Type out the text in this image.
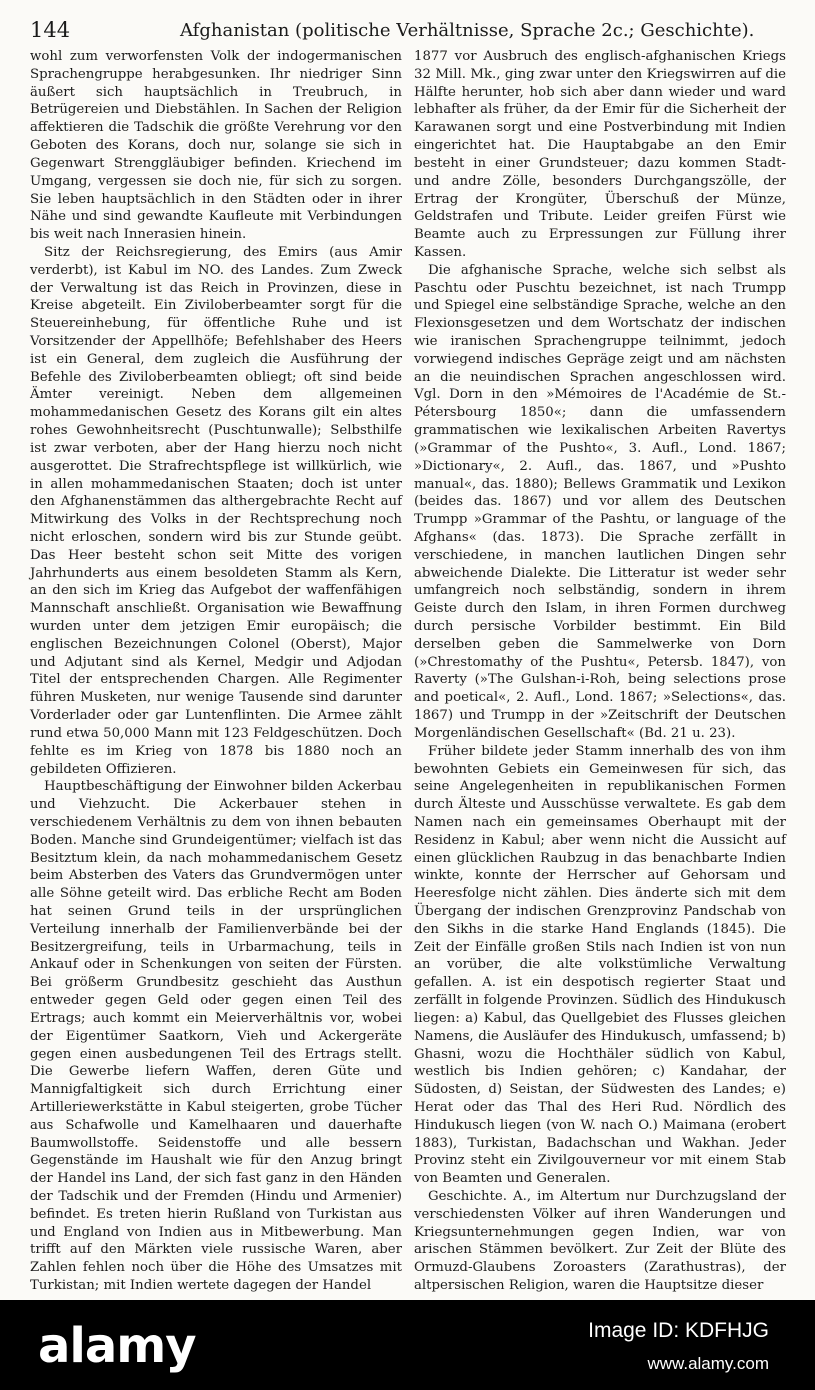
144	Afghanistan (politische Verhältnisse, Sprache 2c.; Geschichte).

wohl zum verworfensten Volk der indogermanischen Sprachengruppe herabgesunken. Ihr niedriger Sinn äußert sich hauptsächlich in Treubruch, in Betrügereien und Diebstählen. In Sachen der Religion affektieren die Tadschik die größte Verehrung vor den Geboten des Korans, doch nur, solange sie sich in Gegenwart Strenggläubiger befinden. Kriechend im Umgang, vergessen sie doch nie, für sich zu sorgen. Sie leben hauptsächlich in den Städten oder in ihrer Nähe und sind gewandte Kaufleute mit Verbindungen bis weit nach Innerasien hinein.

Sitz der Reichsregierung, des Emirs (aus Amir verderbt), ist Kabul im NO. des Landes. Zum Zweck der Verwaltung ist das Reich in Provinzen, diese in Kreise abgeteilt. Ein Ziviloberbeamter sorgt für die Steuereinhebung, für öffentliche Ruhe und ist Vorsitzender der Appellhöfe; Befehlshaber des Heers ist ein General, dem zugleich die Ausführung der Befehle des Ziviloberbeamten obliegt; oft sind beide Ämter vereinigt. Neben dem allgemeinen mohammedanischen Gesetz des Korans gilt ein altes rohes Gewohnheitsrecht (Puschtunwalle); Selbsthilfe ist zwar verboten, aber der Hang hierzu noch nicht ausgerottet. Die Strafrechtspflege ist willkürlich, wie in allen mohammedanischen Staaten; doch ist unter den Afghanenstämmen das althergebrachte Recht auf Mitwirkung des Volks in der Rechtsprechung noch nicht erloschen, sondern wird bis zur Stunde geübt. Das Heer besteht schon seit Mitte des vorigen Jahrhunderts aus einem besoldeten Stamm als Kern, an den sich im Krieg das Aufgebot der waffenfähigen Mannschaft anschließt. Organisation wie Bewaffnung wurden unter dem jetzigen Emir europäisch; die englischen Bezeichnungen Colonel (Oberst), Major und Adjutant sind als Kernel, Medgir und Adjodan Titel der entsprechenden Chargen. Alle Regimenter führen Musketen, nur wenige Tausende sind darunter Vorderlader oder gar Luntenflinten. Die Armee zählt rund etwa 50,000 Mann mit 123 Feldgeschützen. Doch fehlte es im Krieg von 1878 bis 1880 noch an gebildeten Offizieren.

Hauptbeschäftigung der Einwohner bilden Ackerbau und Viehzucht. Die Ackerbauer stehen in verschiedenem Verhältnis zu dem von ihnen bebauten Boden. Manche sind Grundeigentümer; vielfach ist das Besitztum klein, da nach mohammedanischem Gesetz beim Absterben des Vaters das Grundvermögen unter alle Söhne geteilt wird. Das erbliche Recht am Boden hat seinen Grund teils in der ursprünglichen Verteilung innerhalb der Familienverbände bei der Besitzergreifung, teils in Urbarmachung, teils in Ankauf oder in Schenkungen von seiten der Fürsten. Bei größerm Grundbesitz geschieht das Austhun entweder gegen Geld oder gegen einen Teil des Ertrags; auch kommt ein Meierverhältnis vor, wobei der Eigentümer Saatkorn, Vieh und Ackergeräte gegen einen ausbedungenen Teil des Ertrags stellt. Die Gewerbe liefern Waffen, deren Güte und Mannigfaltigkeit sich durch Errichtung einer Artilleriewerkstätte in Kabul steigerten, grobe Tücher aus Schafwolle und Kamelhaaren und dauerhafte Baumwollstoffe. Seidenstoffe und alle bessern Gegenstände im Haushalt wie für den Anzug bringt der Handel ins Land, der sich fast ganz in den Händen der Tadschik und der Fremden (Hindu und Armenier) befindet. Es treten hierin Rußland von Turkistan aus und England von Indien aus in Mitbewerbung. Man trifft auf den Märkten viele russische Waren, aber Zahlen fehlen noch über die Höhe des Umsatzes mit Turkistan; mit Indien wertete dagegen der Handel

1877 vor Ausbruch des englisch-afghanischen Kriegs 32 Mill. Mk., ging zwar unter den Kriegswirren auf die Hälfte herunter, hob sich aber dann wieder und ward lebhafter als früher, da der Emir für die Sicherheit der Karawanen sorgt und eine Postverbindung mit Indien eingerichtet hat. Die Hauptabgabe an den Emir besteht in einer Grundsteuer; dazu kommen Stadt- und andre Zölle, besonders Durchgangszölle, der Ertrag der Krongüter, Überschuß der Münze, Geldstrafen und Tribute. Leider greifen Fürst wie Beamte auch zu Erpressungen zur Füllung ihrer Kassen.

Die afghanische Sprache, welche sich selbst als Paschtu oder Puschtu bezeichnet, ist nach Trumpp und Spiegel eine selbständige Sprache, welche an den Flexionsgesetzen und dem Wortschatz der indischen wie iranischen Sprachengruppe teilnimmt, jedoch vorwiegend indisches Gepräge zeigt und am nächsten an die neuindischen Sprachen angeschlossen wird. Vgl. Dorn in den »Mémoires de l'Académie de St.-Pétersbourg 1850«; dann die umfassendern grammatischen wie lexikalischen Arbeiten Ravertys (»Grammar of the Pushto«, 3. Aufl., Lond. 1867; »Dictionary«, 2. Aufl., das. 1867, und »Pushto manual«, das. 1880); Bellews Grammatik und Lexikon (beides das. 1867) und vor allem des Deutschen Trumpp »Grammar of the Pashtu, or language of the Afghans« (das. 1873). Die Sprache zerfällt in verschiedene, in manchen lautlichen Dingen sehr abweichende Dialekte. Die Litteratur ist weder sehr umfangreich noch selbständig, sondern in ihrem Geiste durch den Islam, in ihren Formen durchweg durch persische Vorbilder bestimmt. Ein Bild derselben geben die Sammelwerke von Dorn (»Chrestomathy of the Pushtu«, Petersb. 1847), von Raverty (»The Gulshan-i-Roh, being selections prose and poetical«, 2. Aufl., Lond. 1867; »Selections«, das. 1867) und Trumpp in der »Zeitschrift der Deutschen Morgenländischen Gesellschaft« (Bd. 21 u. 23).

Früher bildete jeder Stamm innerhalb des von ihm bewohnten Gebiets ein Gemeinwesen für sich, das seine Angelegenheiten in republikanischen Formen durch Älteste und Ausschüsse verwaltete. Es gab dem Namen nach ein gemeinsames Oberhaupt mit der Residenz in Kabul; aber wenn nicht die Aussicht auf einen glücklichen Raubzug in das benachbarte Indien winkte, konnte der Herrscher auf Gehorsam und Heeresfolge nicht zählen. Dies änderte sich mit dem Übergang der indischen Grenzprovinz Pandschab von den Sikhs in die starke Hand Englands (1845). Die Zeit der Einfälle großen Stils nach Indien ist von nun an vorüber, die alte volkstümliche Verwaltung gefallen. A. ist ein despotisch regierter Staat und zerfällt in folgende Provinzen. Südlich des Hindukusch liegen: a) Kabul, das Quellgebiet des Flusses gleichen Namens, die Ausläufer des Hindukusch, umfassend; b) Ghasni, wozu die Hochthäler südlich von Kabul, westlich bis Indien gehören; c) Kandahar, der Südosten, d) Seistan, der Südwesten des Landes; e) Herat oder das Thal des Heri Rud. Nördlich des Hindukusch liegen (von W. nach O.) Maimana (erobert 1883), Turkistan, Badachschan und Wakhan. Jeder Provinz steht ein Zivilgouverneur vor mit einem Stab von Beamten und Generalen.

Geschichte. A., im Altertum nur Durchzugsland der verschiedensten Völker auf ihren Wanderungen und Kriegsunternehmungen gegen Indien, war von arischen Stämmen bevölkert. Zur Zeit der Blüte des Ormuzd-Glaubens Zoroasters (Zarathustras), der altpersischen Religion, waren die Hauptsitze dieser

alamy	Image ID: KDFHJG
www.alamy.com
